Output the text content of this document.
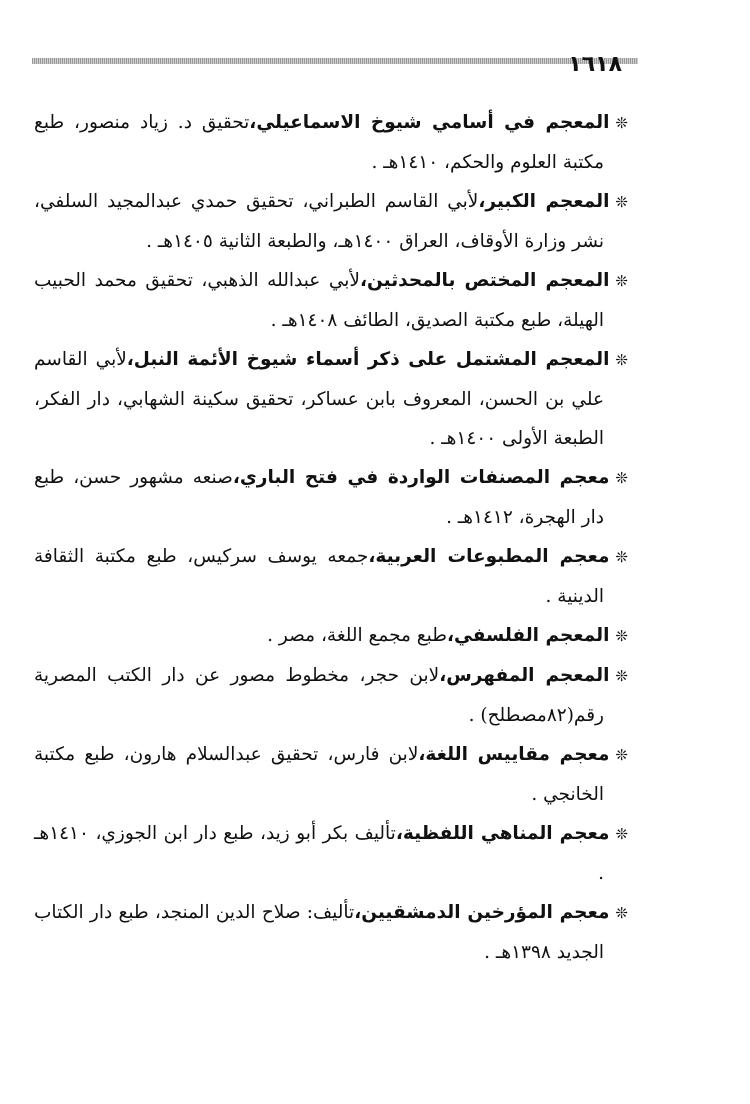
١٦١٨

❊المعجم في أسامي شيوخ الاسماعيلي،تحقيق د. زياد منصور، طبع مكتبة العلوم والحكم، ١٤١٠هـ .

❊المعجم الكبير،لأبي القاسم الطبراني، تحقيق حمدي عبدالمجيد السلفي، نشر وزارة الأوقاف، العراق ١٤٠٠هـ، والطبعة الثانية ١٤٠٥هـ .

❊المعجم المختص بالمحدثين،لأبي عبدالله الذهبي، تحقيق محمد الحبيب الهيلة، طبع مكتبة الصديق، الطائف ١٤٠٨هـ .

❊المعجم المشتمل على ذكر أسماء شيوخ الأئمة النبل،لأبي القاسم علي بن الحسن، المعروف بابن عساكر، تحقيق سكينة الشهابي، دار الفكر، الطبعة الأولى ١٤٠٠هـ .

❊معجم المصنفات الواردة في فتح الباري،صنعه مشهور حسن، طبع دار الهجرة، ١٤١٢هـ .

❊معجم المطبوعات العربية،جمعه يوسف سركيس، طبع مكتبة الثقافة الدينية .

❊المعجم الفلسفي،طبع مجمع اللغة، مصر .

❊المعجم المفهرس،لابن حجر، مخطوط مصور عن دار الكتب المصرية رقم(٨٢مصطلح) .

❊معجم مقاييس اللغة،لابن فارس، تحقيق عبدالسلام هارون، طبع مكتبة الخانجي .

❊معجم المناهي اللفظية،تأليف بكر أبو زيد، طبع دار ابن الجوزي، ١٤١٠هـ .

❊معجم المؤرخين الدمشقيين،تأليف: صلاح الدين المنجد، طبع دار الكتاب الجديد ١٣٩٨هـ .
